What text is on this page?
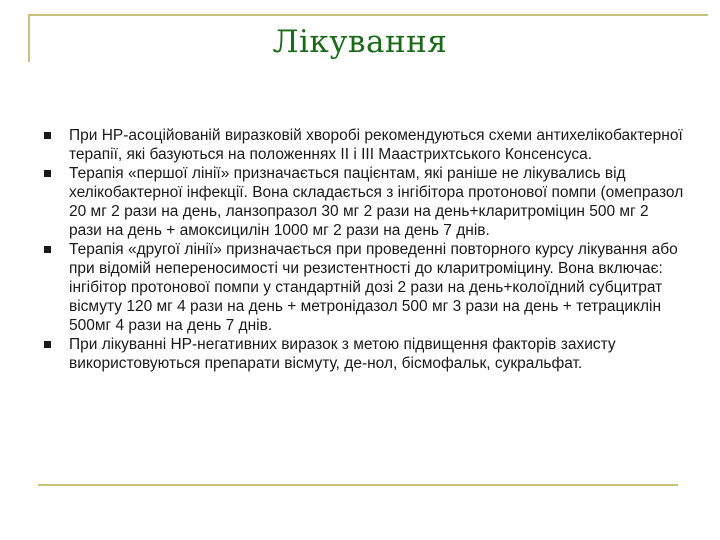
Лікування
При НР-асоційованій виразковій хворобі рекомендуються схеми антихелікобактерної терапії, які базуються на положеннях II і III Маастрихтського Консенсуса.
Терапія «першої лінії» призначається пацієнтам, які раніше не лікувались від хелікобактерної інфекції. Вона складається з інгібітора протонової помпи (омепразол 20 мг 2 рази на день, ланзопразол 30 мг 2 рази на день+кларитроміцин 500 мг 2 рази на день + амоксицилін 1000 мг 2 рази на день 7 днів.
Терапія «другої лінії» призначається при проведенні повторного курсу лікування або при відомій непереносимості чи резистентності до кларитроміцину. Вона включає: інгібітор протонової помпи у стандартній дозі 2 рази на день+колоїдний субцитрат вісмуту 120 мг 4 рази на день + метронідазол 500 мг 3 рази на день + тетрациклін 500мг 4 рази на день 7 днів.
При лікуванні НР-негативних виразок з метою підвищення факторів захисту використовуються препарати вісмуту, де-нол, бісмофальк, сукральфат.
